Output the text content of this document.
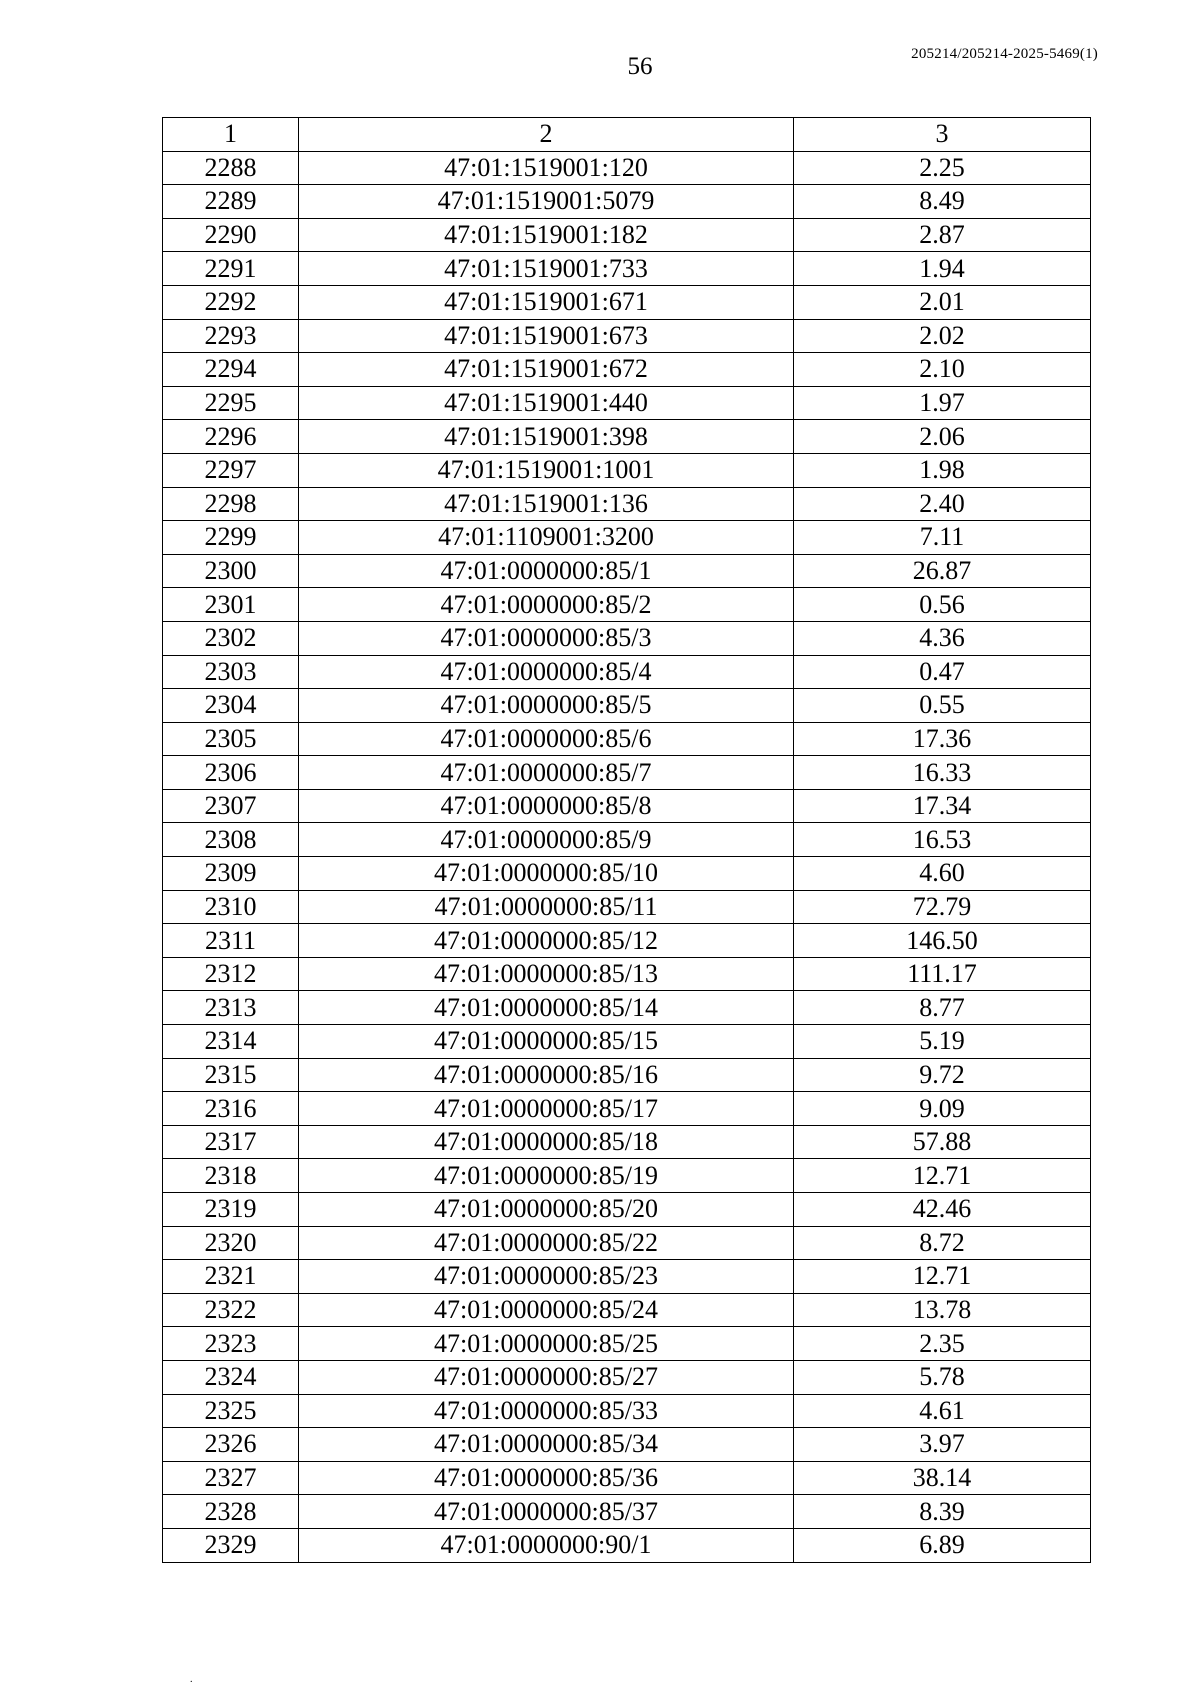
56	205214/205214-2025-5469(1)
1	2	3
2288	47:01:1519001:120	2.25
2289	47:01:1519001:5079	8.49
2290	47:01:1519001:182	2.87
2291	47:01:1519001:733	1.94
2292	47:01:1519001:671	2.01
2293	47:01:1519001:673	2.02
2294	47:01:1519001:672	2.10
2295	47:01:1519001:440	1.97
2296	47:01:1519001:398	2.06
2297	47:01:1519001:1001	1.98
2298	47:01:1519001:136	2.40
2299	47:01:1109001:3200	7.11
2300	47:01:0000000:85/1	26.87
2301	47:01:0000000:85/2	0.56
2302	47:01:0000000:85/3	4.36
2303	47:01:0000000:85/4	0.47
2304	47:01:0000000:85/5	0.55
2305	47:01:0000000:85/6	17.36
2306	47:01:0000000:85/7	16.33
2307	47:01:0000000:85/8	17.34
2308	47:01:0000000:85/9	16.53
2309	47:01:0000000:85/10	4.60
2310	47:01:0000000:85/11	72.79
2311	47:01:0000000:85/12	146.50
2312	47:01:0000000:85/13	111.17
2313	47:01:0000000:85/14	8.77
2314	47:01:0000000:85/15	5.19
2315	47:01:0000000:85/16	9.72
2316	47:01:0000000:85/17	9.09
2317	47:01:0000000:85/18	57.88
2318	47:01:0000000:85/19	12.71
2319	47:01:0000000:85/20	42.46
2320	47:01:0000000:85/22	8.72
2321	47:01:0000000:85/23	12.71
2322	47:01:0000000:85/24	13.78
2323	47:01:0000000:85/25	2.35
2324	47:01:0000000:85/27	5.78
2325	47:01:0000000:85/33	4.61
2326	47:01:0000000:85/34	3.97
2327	47:01:0000000:85/36	38.14
2328	47:01:0000000:85/37	8.39
2329	47:01:0000000:90/1	6.89
.
